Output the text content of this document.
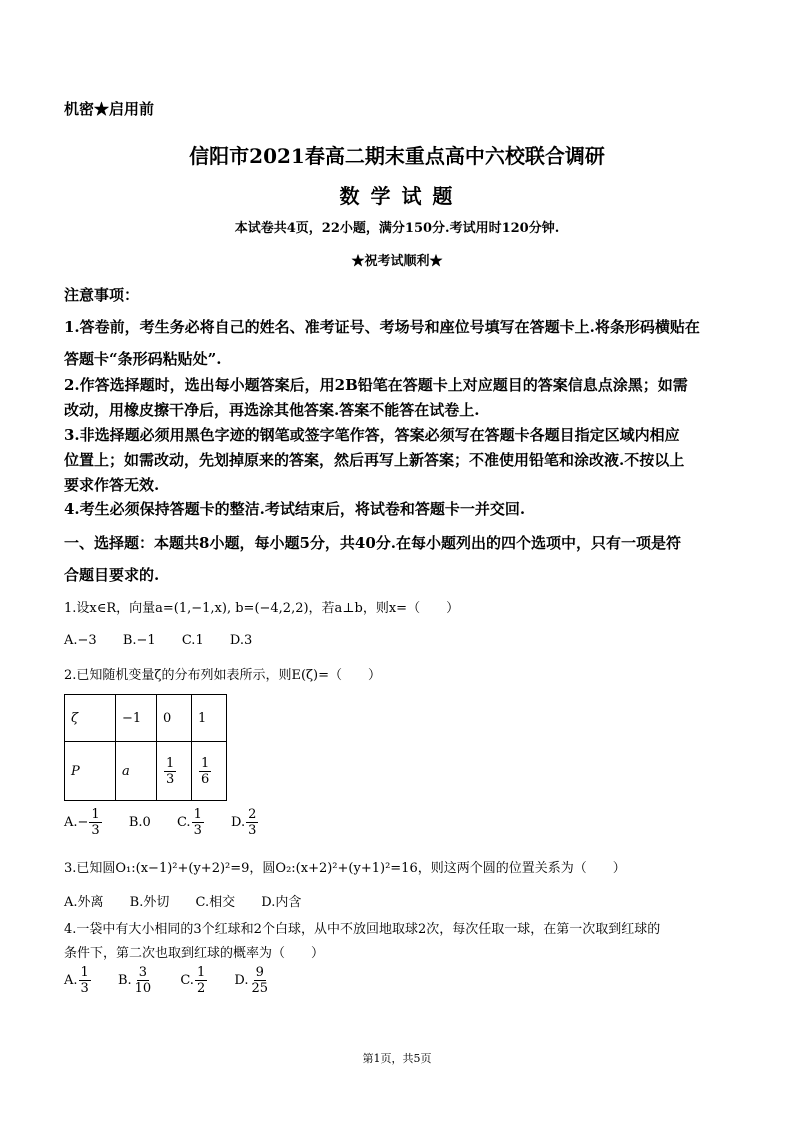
机密★启用前
信阳市2021春高二期末重点高中六校联合调研
数 学 试 题
本试卷共4页，22小题，满分150分.考试用时120分钟.
★祝考试顺利★
注意事项：
1.答卷前，考生务必将自己的姓名、准考证号、考场号和座位号填写在答题卡上.将条形码横贴在
答题卡“条形码粘贴处”.
2.作答选择题时，选出每小题答案后，用2B铅笔在答题卡上对应题目的答案信息点涂黑；如需
改动，用橡皮擦干净后，再选涂其他答案.答案不能答在试卷上.
3.非选择题必须用黑色字迹的钢笔或签字笔作答，答案必须写在答题卡各题目指定区域内相应
位置上；如需改动，先划掉原来的答案，然后再写上新答案；不准使用铅笔和涂改液.不按以上
要求作答无效.
4.考生必须保持答题卡的整洁.考试结束后，将试卷和答题卡一并交回.
一、选择题：本题共8小题，每小题5分，共40分.在每小题列出的四个选项中，只有一项是符
合题目要求的.
1.设x∈R，向量a=(1,−1,x), b=(−4,2,2)，若a⊥b，则x=（　　）
A.−3 B.−1 C.1 D.3
2.已知随机变量ζ的分布列如表所示，则E(ζ)=（　　）
ζ	−1	0	1
P	a	$\frac{1}{3}$	$\frac{1}{6}$
$A.- \frac{1}{3} B.0$ C. $\frac{1}{3} D$. $\frac{2}{3}$
3.已知圆O₁:(x−1)²+(y+2)²=9，圆O₂:(x+2)²+(y+1)²=16，则这两个圆的位置关系为（　　）
A.外离 B.外切 C.相交 D.内含
4.一袋中有大小相同的3个红球和2个白球，从中不放回地取球2次，每次任取一球，在第一次取到红球的
条件下，第二次也取到红球的概率为（　　）
A. $\frac{1}{3} B$. $\frac{3}{10} C$. $\frac{1}{2} D$. $\frac{9}{25}$
第1页，共5页
